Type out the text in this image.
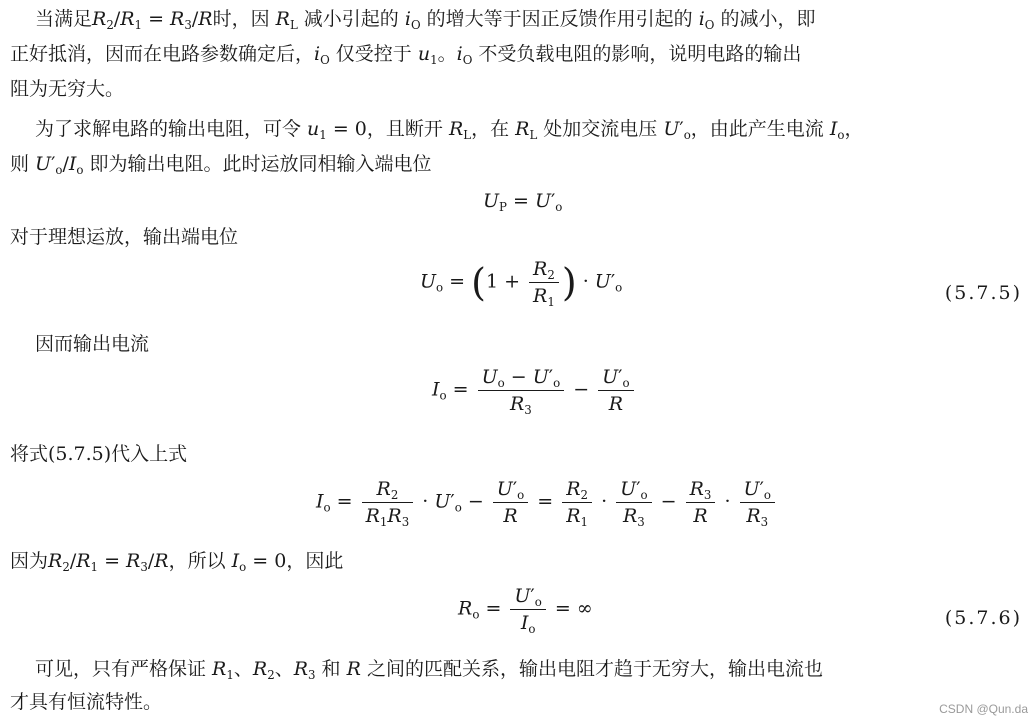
当满足$R_2/R_1 = R_3/R$时，因 $R_L$ 减小引起的 $i_O$ 的增大等于因正反馈作用引起的 $i_O$ 的减小，即
正好抵消，因而在电路参数确定后，$i_O$ 仅受控于 $u_1$。$i_O$ 不受负载电阻的影响，说明电路的输出
阻为无穷大。
为了求解电路的输出电阻，可令 $u_1 = 0$，且断开 $R_L$，在 $R_L$ 处加交流电压 $U'_o$，由此产生电流 $I_o$，
则 $U'_o/I_o$ 即为输出电阻。此时运放同相输入端电位
$U_P = U'_o$
对于理想运放，输出端电位
$U_o = (1 + \frac{R_2}{R_1}$ ) · $U'_o$	(5.7.5)
因而输出电流
$I_o = \frac{U_o - U'_o}{R_3} - \frac{U'_o}{R}$
将式(5.7.5)代入上式
$I_o = \frac{R_2}{R_1R_3} \cdot U'_o - \frac{U'_o}{R} = \frac{R_2}{R_1} \cdot \frac{U'_o}{R_3} - \frac{R_3}{R} \cdot \frac{U'_o}{R_3}$
因为$R_2/R_1 = R_3/R$，所以 $I_o = 0$，因此
$R_o = \frac{U'_o}{I_o}$ = ∞	(5.7.6)
可见，只有严格保证 $R_1$、$R_2$、$R_3$ 和 R 之间的匹配关系，输出电阻才趋于无穷大，输出电流也
才具有恒流特性。	CSDN @Qun.da
